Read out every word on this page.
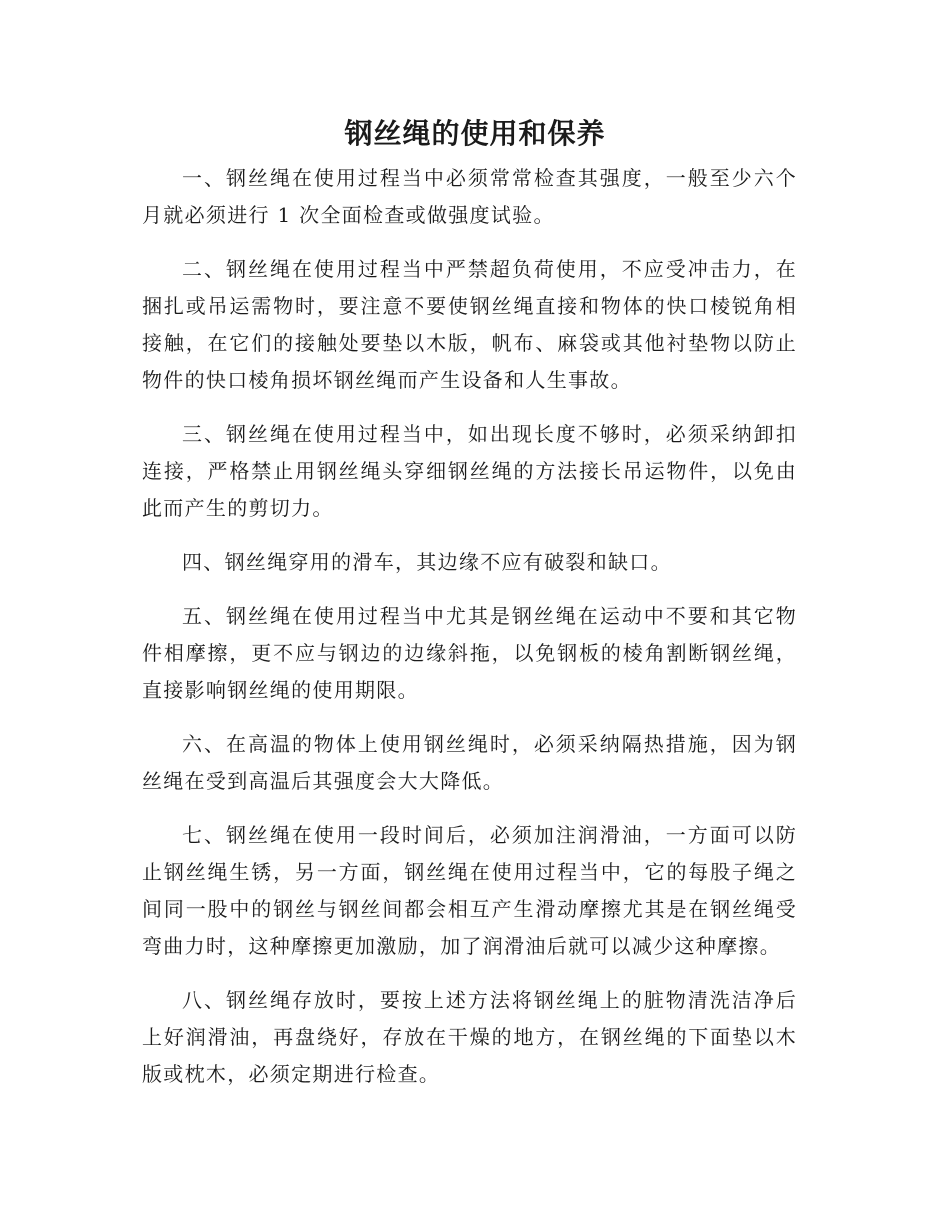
钢丝绳的使用和保养

一、钢丝绳在使用过程当中必须常常检查其强度，一般至少六个月就必须进行 1 次全面检查或做强度试验。

二、钢丝绳在使用过程当中严禁超负荷使用，不应受冲击力，在捆扎或吊运需物时，要注意不要使钢丝绳直接和物体的快口棱锐角相接触，在它们的接触处要垫以木版，帆布、麻袋或其他衬垫物以防止物件的快口棱角损坏钢丝绳而产生设备和人生事故。

三、钢丝绳在使用过程当中，如出现长度不够时，必须采纳卸扣连接，严格禁止用钢丝绳头穿细钢丝绳的方法接长吊运物件，以免由此而产生的剪切力。

四、钢丝绳穿用的滑车，其边缘不应有破裂和缺口。

五、钢丝绳在使用过程当中尤其是钢丝绳在运动中不要和其它物件相摩擦，更不应与钢边的边缘斜拖，以免钢板的棱角割断钢丝绳，直接影响钢丝绳的使用期限。

六、在高温的物体上使用钢丝绳时，必须采纳隔热措施，因为钢丝绳在受到高温后其强度会大大降低。

七、钢丝绳在使用一段时间后，必须加注润滑油，一方面可以防止钢丝绳生锈，另一方面，钢丝绳在使用过程当中，它的每股子绳之间同一股中的钢丝与钢丝间都会相互产生滑动摩擦尤其是在钢丝绳受弯曲力时，这种摩擦更加激励，加了润滑油后就可以减少这种摩擦。

八、钢丝绳存放时，要按上述方法将钢丝绳上的脏物清洗洁净后上好润滑油，再盘绕好，存放在干燥的地方，在钢丝绳的下面垫以木版或枕木，必须定期进行检查。
